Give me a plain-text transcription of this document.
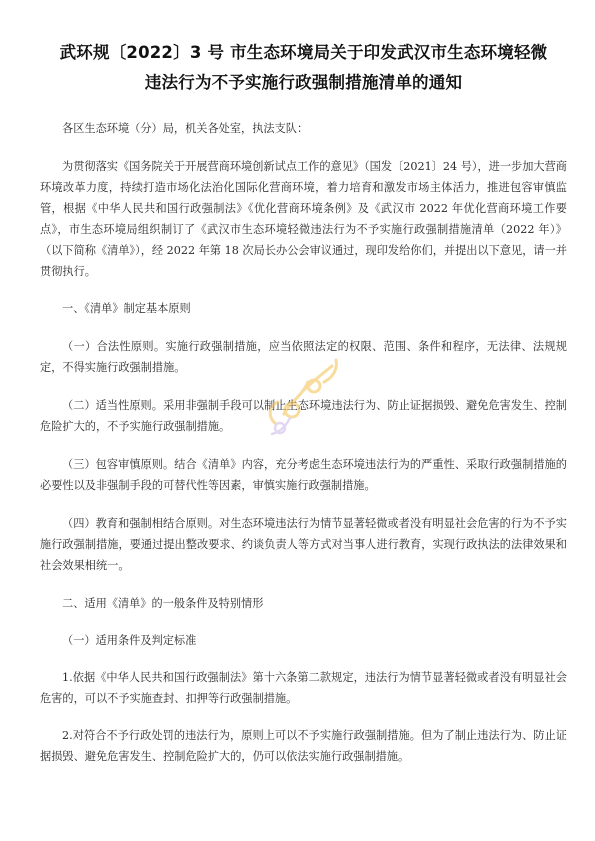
武环规〔2022〕3 号 市生态环境局关于印发武汉市生态环境轻微
违法行为不予实施行政强制措施清单的通知

各区生态环境（分）局，机关各处室，执法支队：

为贯彻落实《国务院关于开展营商环境创新试点工作的意见》（国发〔2021〕24 号），进一步加大营商环境改革力度，持续打造市场化法治化国际化营商环境，着力培育和激发市场主体活力，推进包容审慎监管，根据《中华人民共和国行政强制法》《优化营商环境条例》及《武汉市 2022 年优化营商环境工作要点》，市生态环境局组织制订了《武汉市生态环境轻微违法行为不予实施行政强制措施清单（2022 年）》（以下简称《清单》），经 2022 年第 18 次局长办公会审议通过，现印发给你们，并提出以下意见，请一并贯彻执行。

一、《清单》制定基本原则

（一）合法性原则。实施行政强制措施，应当依照法定的权限、范围、条件和程序，无法律、法规规定，不得实施行政强制措施。

（二）适当性原则。采用非强制手段可以制止生态环境违法行为、防止证据损毁、避免危害发生、控制危险扩大的，不予实施行政强制措施。

（三）包容审慎原则。结合《清单》内容，充分考虑生态环境违法行为的严重性、采取行政强制措施的必要性以及非强制手段的可替代性等因素，审慎实施行政强制措施。

（四）教育和强制相结合原则。对生态环境违法行为情节显著轻微或者没有明显社会危害的行为不予实施行政强制措施，要通过提出整改要求、约谈负责人等方式对当事人进行教育，实现行政执法的法律效果和社会效果相统一。

二、适用《清单》的一般条件及特别情形

（一）适用条件及判定标准

1.依据《中华人民共和国行政强制法》第十六条第二款规定，违法行为情节显著轻微或者没有明显社会危害的，可以不予实施查封、扣押等行政强制措施。

2.对符合不予行政处罚的违法行为，原则上可以不予实施行政强制措施。但为了制止违法行为、防止证据损毁、避免危害发生、控制危险扩大的，仍可以依法实施行政强制措施。
